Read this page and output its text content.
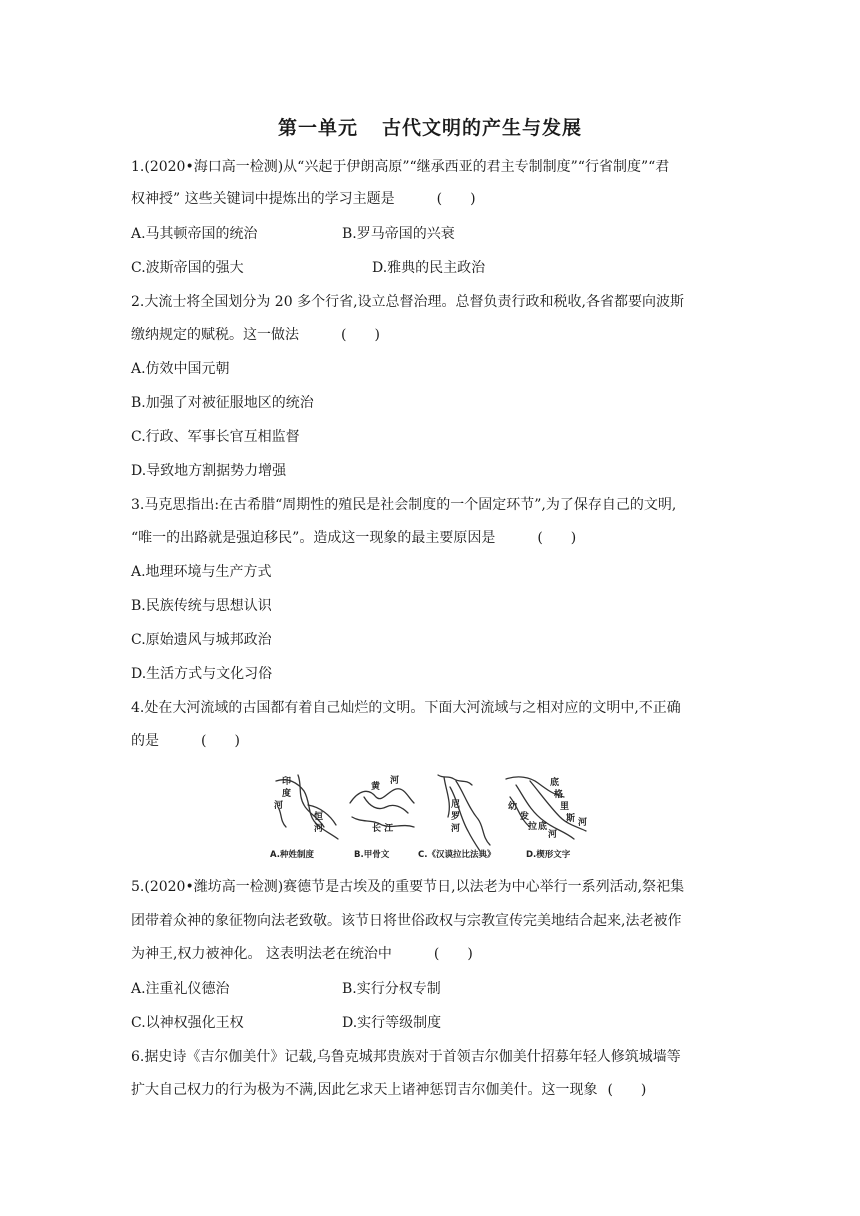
第一单元 古代文明的产生与发展
1.(2020•海口高一检测)从“兴起于伊朗高原”“继承西亚的君主专制制度”“行省制度”“君
权神授” 这些关键词中提炼出的学习主题是	(　　)
A.马其顿帝国的统治	B.罗马帝国的兴衰
C.波斯帝国的强大	D.雅典的民主政治
2.大流士将全国划分为 20 多个行省,设立总督治理。总督负责行政和税收,各省都要向波斯
缴纳规定的赋税。这一做法	(　　)
A.仿效中国元朝
B.加强了对被征服地区的统治
C.行政、军事长官互相监督
D.导致地方割据势力增强
3.马克思指出:在古希腊“周期性的殖民是社会制度的一个固定环节”,为了保存自己的文明,
“唯一的出路就是强迫移民”。造成这一现象的最主要原因是	(　　)
A.地理环境与生产方式
B.民族传统与思想认识
C.原始遗风与城邦政治
D.生活方式与文化习俗
4.处在大河流域的古国都有着自己灿烂的文明。下面大河流域与之相对应的文明中,不正确
的是	(　　)
印
度
河
恒
河
黄
河
长 江
尼
罗
河
幼
发
拉 底
河
底
格
里
斯 河
A.种姓制度	B.甲骨文	C.《汉谟拉比法典》	D.楔形文字
5.(2020•潍坊高一检测)赛德节是古埃及的重要节日,以法老为中心举行一系列活动,祭祀集
团带着众神的象征物向法老致敬。该节日将世俗政权与宗教宣传完美地结合起来,法老被作
为神王,权力被神化。 这表明法老在统治中	(　　)
A.注重礼仪德治	B.实行分权专制
C.以神权强化王权	D.实行等级制度
6.据史诗《吉尔伽美什》记载,乌鲁克城邦贵族对于首领吉尔伽美什招募年轻人修筑城墙等
扩大自己权力的行为极为不满,因此乞求天上诸神惩罚吉尔伽美什。这一现象 (　　)
